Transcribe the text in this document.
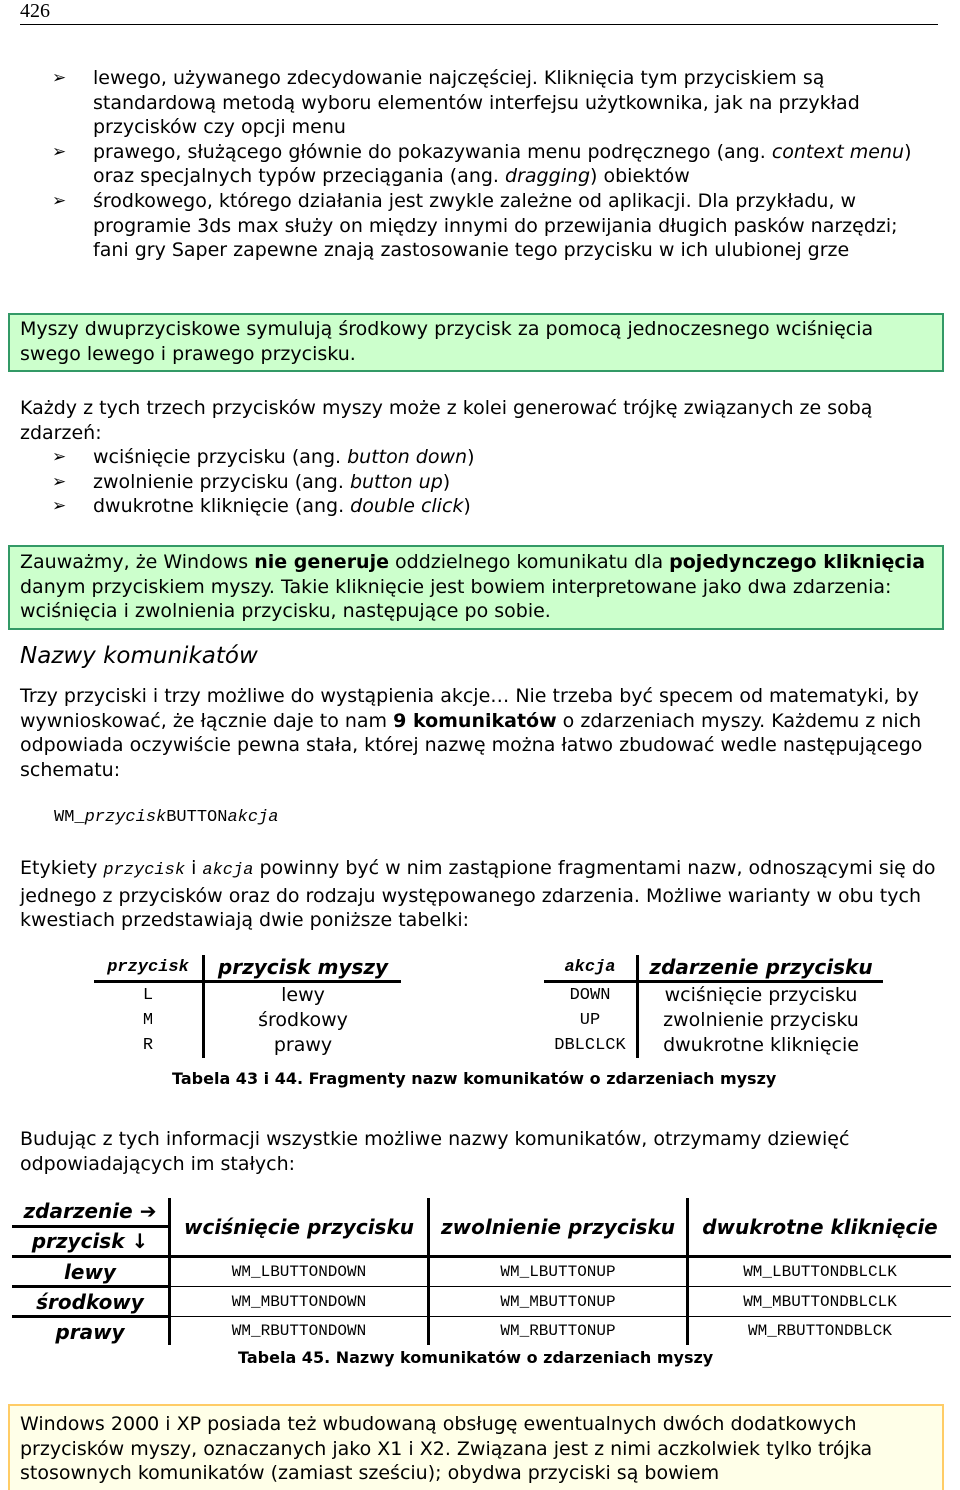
426
➢ lewego, używanego zdecydowanie najczęściej. Kliknięcia tym przyciskiem są standardową metodą wyboru elementów interfejsu użytkownika, jak na przykład przycisków czy opcji menu
➢ prawego, służącego głównie do pokazywania menu podręcznego (ang. context menu) oraz specjalnych typów przeciągania (ang. dragging) obiektów
➢ środkowego, którego działania jest zwykle zależne od aplikacji. Dla przykładu, w programie 3ds max służy on między innymi do przewijania długich pasków narzędzi; fani gry Saper zapewne znają zastosowanie tego przycisku w ich ulubionej grze
Myszy dwuprzyciskowe symulują środkowy przycisk za pomocą jednoczesnego wciśnięcia swego lewego i prawego przycisku.
Każdy z tych trzech przycisków myszy może z kolei generować trójkę związanych ze sobą zdarzeń:
➢ wciśnięcie przycisku (ang. button down)
➢ zwolnienie przycisku (ang. button up)
➢ dwukrotne kliknięcie (ang. double click)
Zauważmy, że Windows nie generuje oddzielnego komunikatu dla pojedynczego kliknięcia danym przyciskiem myszy. Takie kliknięcie jest bowiem interpretowane jako dwa zdarzenia: wciśnięcia i zwolnienia przycisku, następujące po sobie.
Nazwy komunikatów
Trzy przyciski i trzy możliwe do wystąpienia akcje… Nie trzeba być specem od matematyki, by wywnioskować, że łącznie daje to nam 9 komunikatów o zdarzeniach myszy. Każdemu z nich odpowiada oczywiście pewna stała, której nazwę można łatwo zbudować wedle następującego schematu:
WM_przyciskBUTTONakcja
Etykiety przycisk i akcja powinny być w nim zastąpione fragmentami nazw, odnoszącymi się do jednego z przycisków oraz do rodzaju występowanego zdarzenia. Możliwe warianty w obu tych kwestiach przedstawiają dwie poniższe tabelki:
przycisk	przycisk myszy
L	lewy
M	środkowy
R	prawy
akcja	zdarzenie przycisku
DOWN	wciśnięcie przycisku
UP	zwolnienie przycisku
DBLCLCK	dwukrotne kliknięcie
Tabela 43 i 44. Fragmenty nazw komunikatów o zdarzeniach myszy
Budując z tych informacji wszystkie możliwe nazwy komunikatów, otrzymamy dziewięć odpowiadających im stałych:
zdarzenie ➔
przycisk ↓	wciśnięcie przycisku	zwolnienie przycisku	dwukrotne kliknięcie
lewy	WM_LBUTTONDOWN	WM_LBUTTONUP	WM_LBUTTONDBLCLK
środkowy	WM_MBUTTONDOWN	WM_MBUTTONUP	WM_MBUTTONDBLCLK
prawy	WM_RBUTTONDOWN	WM_RBUTTONUP	WM_RBUTTONDBLCK
Tabela 45. Nazwy komunikatów o zdarzeniach myszy
Windows 2000 i XP posiada też wbudowaną obsługę ewentualnych dwóch dodatkowych przycisków myszy, oznaczanych jako X1 i X2. Związana jest z nimi aczkolwiek tylko trójka stosownych komunikatów (zamiast sześciu); obydwa przyciski są bowiem
